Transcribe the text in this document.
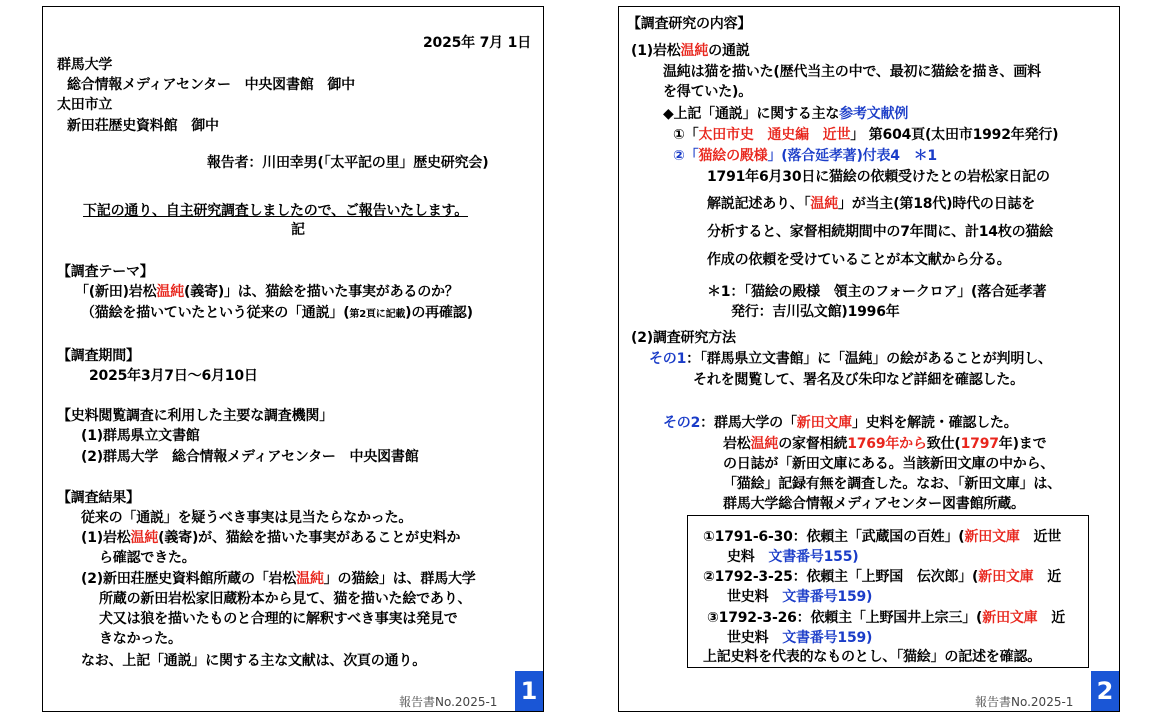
2025年 7月 1日
群馬大学
総合情報メディアセンター　中央図書館　御中
太田市立
新田荘歴史資料館　御中
報告者：川田幸男(「太平記の里」歴史研究会)
下記の通り、自主研究調査しましたので、ご報告いたします。
記
【調査テーマ】
「(新田)岩松温純(義寄)」は、猫絵を描いた事実があるのか？
（猫絵を描いていたという従来の「通説」(第2頁に記載)の再確認)
【調査期間】
2025年3月7日～6月10日
【史料閲覧調査に利用した主要な調査機関」
(1)群馬県立文書館
(2)群馬大学　総合情報メディアセンター　中央図書館
【調査結果】
従来の「通説」を疑うべき事実は見当たらなかった。
(1)岩松温純(義寄)が、猫絵を描いた事実があることが史料か
ら確認できた。
(2)新田荘歴史資料館所蔵の「岩松温純」の猫絵」は、群馬大学
所蔵の新田岩松家旧蔵粉本から見て、猫を描いた絵であり、
犬又は狼を描いたものと合理的に解釈すべき事実は発見で
きなかった。
なお、上記「通説」に関する主な文献は、次頁の通り。
報告書No.2025-1 1
【調査研究の内容】
(1)岩松温純の通説
温純は猫を描いた(歴代当主の中で、最初に猫絵を描き、画料
を得ていた)。
◆上記「通説」に関する主な参考文献例
①「太田市史　通史編　近世」 第604頁(太田市1992年発行)
②「猫絵の殿様」(落合延孝著)付表4　＊1
1791年6月30日に猫絵の依頼受けたとの岩松家日記の
解説記述あり、「温純」が当主(第18代)時代の日誌を
分析すると、家督相続期間中の7年間に、計14枚の猫絵
作成の依頼を受けていることが本文献から分る。
＊1：「猫絵の殿様　領主のフォークロア」(落合延孝著
発行：吉川弘文館)1996年
(2)調査研究方法
その1：「群馬県立文書館」に「温純」の絵があることが判明し、
それを閲覧して、署名及び朱印など詳細を確認した。
その2：群馬大学の「新田文庫」史料を解読・確認した。
岩松温純の家督相続1769年から致仕(1797年)まで
の日誌が「新田文庫にある。当該新田文庫の中から、
「猫絵」記録有無を調査した。なお、「新田文庫」は、
群馬大学総合情報メディアセンター図書館所蔵。
①1791-6-30：依頼主「武蔵国の百姓」(新田文庫　近世
史料　 文書番号155)
②1792-3-25：依頼主「上野国　伝次郎」(新田文庫　近
世史料　 文書番号159)
③1792-3-26：依頼主「上野国井上宗三」(新田文庫　近
世史料　 文書番号159)
上記史料を代表的なものとし、「猫絵」の記述を確認。
報告書No.2025-1 2
